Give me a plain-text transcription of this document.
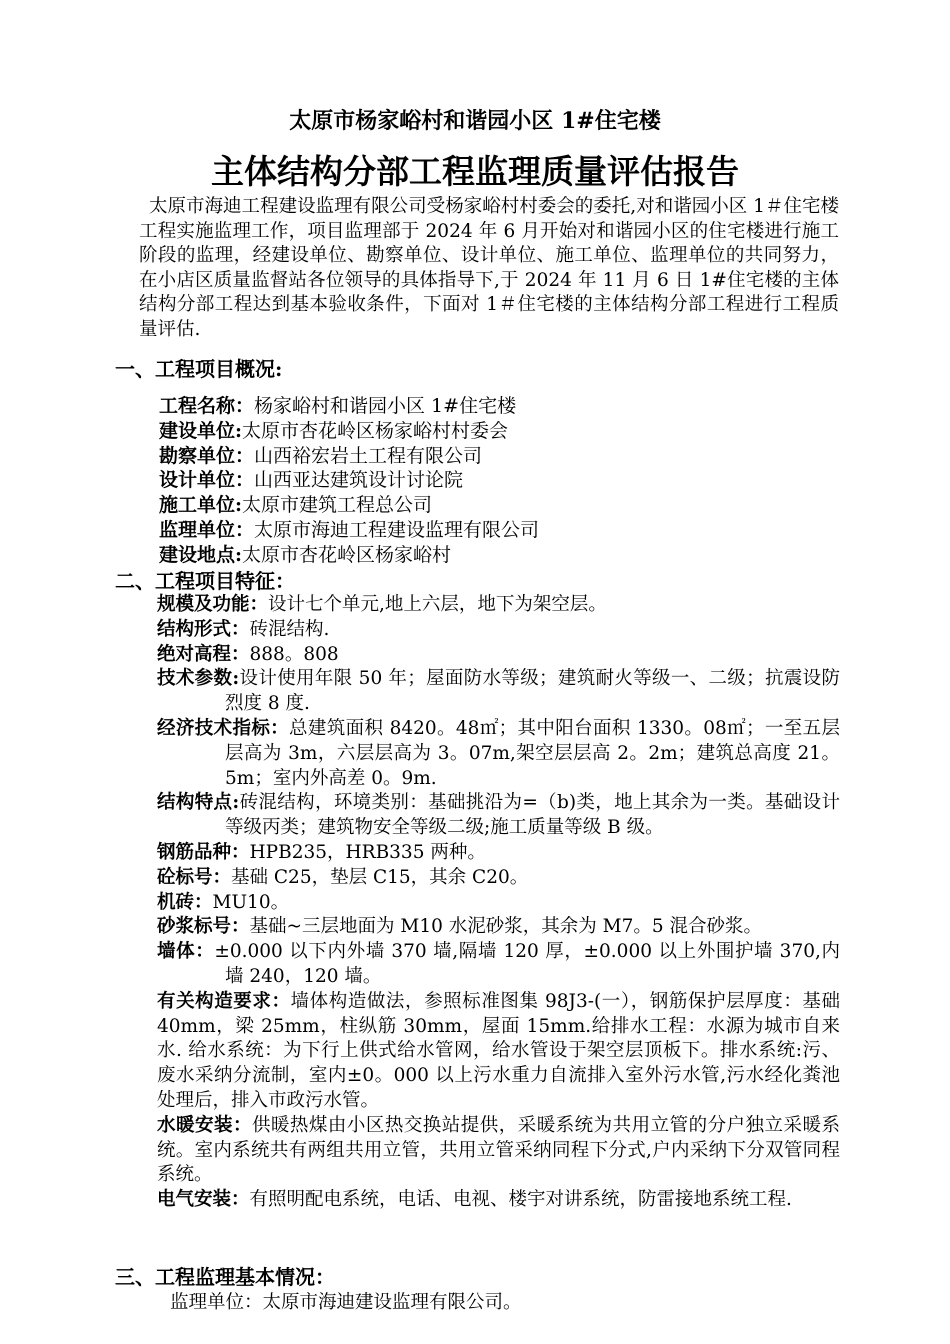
太原市杨家峪村和谐园小区 1#住宅楼
主体结构分部工程监理质量评估报告
太原市海迪工程建设监理有限公司受杨家峪村村委会的委托,对和谐园小区 1＃住宅楼工程实施监理工作，项目监理部于 2024 年 6 月开始对和谐园小区的住宅楼进行施工阶段的监理，经建设单位、勘察单位、设计单位、施工单位、监理单位的共同努力，在小店区质量监督站各位领导的具体指导下,于 2024 年 11 月 6 日 1#住宅楼的主体结构分部工程达到基本验收条件，下面对 1＃住宅楼的主体结构分部工程进行工程质量评估.
一、工程项目概况:
工程名称：杨家峪村和谐园小区 1#住宅楼
建设单位:太原市杏花岭区杨家峪村村委会
勘察单位：山西裕宏岩土工程有限公司
设计单位：山西亚达建筑设计讨论院
施工单位:太原市建筑工程总公司
监理单位：太原市海迪工程建设监理有限公司
建设地点:太原市杏花岭区杨家峪村
二、工程项目特征：
规模及功能：设计七个单元,地上六层，地下为架空层。
结构形式：砖混结构.
绝对高程：888。808
技术参数:设计使用年限 50 年；屋面防水等级；建筑耐火等级一、二级；抗震设防烈度 8 度.
经济技术指标：总建筑面积 8420。48㎡；其中阳台面积 1330。08㎡；一至五层层高为 3m，六层层高为 3。07m,架空层层高 2。2m；建筑总高度 21。5m；室内外高差 0。9m.
结构特点:砖混结构，环境类别：基础挑沿为=（b)类，地上其余为一类。基础设计等级丙类；建筑物安全等级二级;施工质量等级 B 级。
钢筋品种：HPB235，HRB335 两种。
砼标号：基础 C25，垫层 C15，其余 C20。
机砖：MU10。
砂浆标号：基础~三层地面为 M10 水泥砂浆，其余为 M7。5 混合砂浆。
墙体：±0.000 以下内外墙 370 墙,隔墙 120 厚，±0.000 以上外围护墙 370,内墙 240，120 墙。
有关构造要求：墙体构造做法，参照标准图集 98J3-(一），钢筋保护层厚度：基础 40mm，梁 25mm，柱纵筋 30mm，屋面 15mm.给排水工程：水源为城市自来水. 给水系统：为下行上供式给水管网，给水管设于架空层顶板下。排水系统:污、废水采纳分流制，室内±0。000 以上污水重力自流排入室外污水管,污水经化粪池处理后，排入市政污水管。
水暖安装：供暖热煤由小区热交换站提供，采暖系统为共用立管的分户独立采暖系统。室内系统共有两组共用立管，共用立管采纳同程下分式,户内采纳下分双管同程系统。
电气安装：有照明配电系统，电话、电视、楼宇对讲系统，防雷接地系统工程.
三、工程监理基本情况：
监理单位：太原市海迪建设监理有限公司。
